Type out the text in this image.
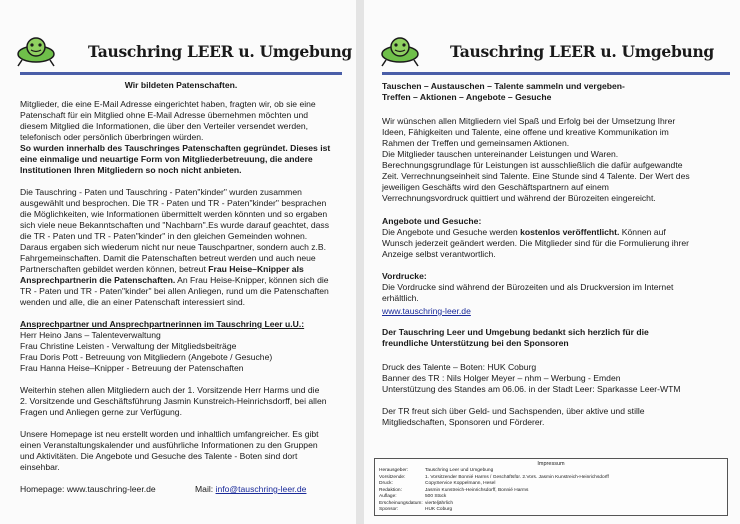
Tauschring LEER u. Umgebung
Wir bildeten Patenschaften.
Mitglieder, die eine E-Mail Adresse eingerichtet haben, fragten wir, ob sie eine
Patenschaft für ein Mitglied ohne E-Mail Adresse übernehmen möchten und
diesem Mitglied die Informationen, die über den Verteiler versendet werden,
telefonisch oder persönlich überbringen würden.
So wurden innerhalb des Tauschringes Patenschaften gegründet. Dieses ist
eine einmalige und neuartige Form von Mitgliederbetreuung, die andere
Institutionen Ihren Mitgliedern so noch nicht anbieten.
Die Tauschring - Paten und Tauschring - Paten"kinder" wurden zusammen
ausgewählt und besprochen. Die TR - Paten und TR - Paten"kinder" besprachen
die Möglichkeiten, wie Informationen übermittelt werden könnten und so ergaben
sich viele neue Bekanntschaften und "Nachbarn".Es wurde darauf geachtet, dass
die TR - Paten und TR - Paten"kinder" in den gleichen Gemeinden wohnen.
Daraus ergaben sich wiederum nicht nur neue Tauschpartner, sondern auch z.B.
Fahrgemeinschaften. Damit die Patenschaften betreut werden und auch neue
Partnerschaften gebildet werden können, betreut Frau Heise–Knipper als
Ansprechpartnerin die Patenschaften. An Frau Heise-Knipper, können sich die
TR - Paten und TR - Paten"kinder" bei allen Anliegen, rund um die Patenschaften
wenden und alle, die an einer Patenschaft interessiert sind.
Ansprechpartner und Ansprechpartnerinnen im Tauschring Leer u.U.:
Herr Heino Jans – Talenteverwaltung
Frau Christine Leisten - Verwaltung der Mitgliedsbeiträge
Frau Doris Pott - Betreuung von Mitgliedern (Angebote / Gesuche)
Frau Hanna Heise–Knipper - Betreuung der Patenschaften
Weiterhin stehen allen Mitgliedern auch der 1. Vorsitzende Herr Harms und die
2. Vorsitzende und Geschäftsführung Jasmin Kunstreich-Heinrichsdorff, bei allen
Fragen und Anliegen gerne zur Verfügung.
Unsere Homepage ist neu erstellt worden und inhaltlich umfangreicher. Es gibt
einen Veranstaltungskalender und ausführliche Informationen zu den Gruppen
und Aktivitäten. Die Angebote und Gesuche des Talente - Boten sind dort
einsehbar.
Homepage: www.tauschring-leer.de	Mail: info@tauschring-leer.de
Tauschring LEER u. Umgebung
Tauschen – Austauschen – Talente sammeln und vergeben-
Treffen – Aktionen – Angebote – Gesuche
Wir wünschen allen Mitgliedern viel Spaß und Erfolg bei der Umsetzung Ihrer
Ideen, Fähigkeiten und Talente, eine offene und kreative Kommunikation im
Rahmen der Treffen und gemeinsamen Aktionen.
Die Mitglieder tauschen untereinander Leistungen und Waren.
Berechnungsgrundlage für Leistungen ist ausschließlich die dafür aufgewandte
Zeit. Verrechnungseinheit sind Talente. Eine Stunde sind 4 Talente. Der Wert des
jeweiligen Geschäfts wird den Geschäftspartnern auf einem
Verrechnungsvordruck quittiert und während der Bürozeiten eingereicht.
Angebote und Gesuche:
Die Angebote und Gesuche werden kostenlos veröffentlicht. Können auf
Wunsch jederzeit geändert werden. Die Mitglieder sind für die Formulierung ihrer
Anzeige selbst verantwortlich.
Vordrucke:
Die Vordrucke sind während der Bürozeiten und als Druckversion im Internet
erhältlich.
www.tauschring-leer.de
Der Tauschring Leer und Umgebung bedankt sich herzlich für die
freundliche Unterstützung bei den Sponsoren
Druck des Talente – Boten: HUK Coburg
Banner des TR : Nils Holger Meyer – nhm – Werbung - Emden
Unterstützung des Standes am 06.06. in der Stadt Leer: Sparkasse Leer-WTM
Der TR freut sich über Geld- und Sachspenden, über aktive und stille
Mitgliedschaften, Sponsoren und Förderer.
Impressum
Herausgeber:	Tauschring Leer und Umgebung
Vorsitzende:	1. Vorsitzender Bonnié Harms / Geschäftsfür. 2.Vors. Jasmin Kunstreich-Heinrichsdorff
Druck:	CopyService Koppelmann, Hesel
Redaktion:	Jasmin Kunstreich-Heinrichsdorff, Bonnié Harms
Auflage:	500 Stück
Erscheinungsdatum: vierteljährlich
Sponsor:	HUK Coburg
